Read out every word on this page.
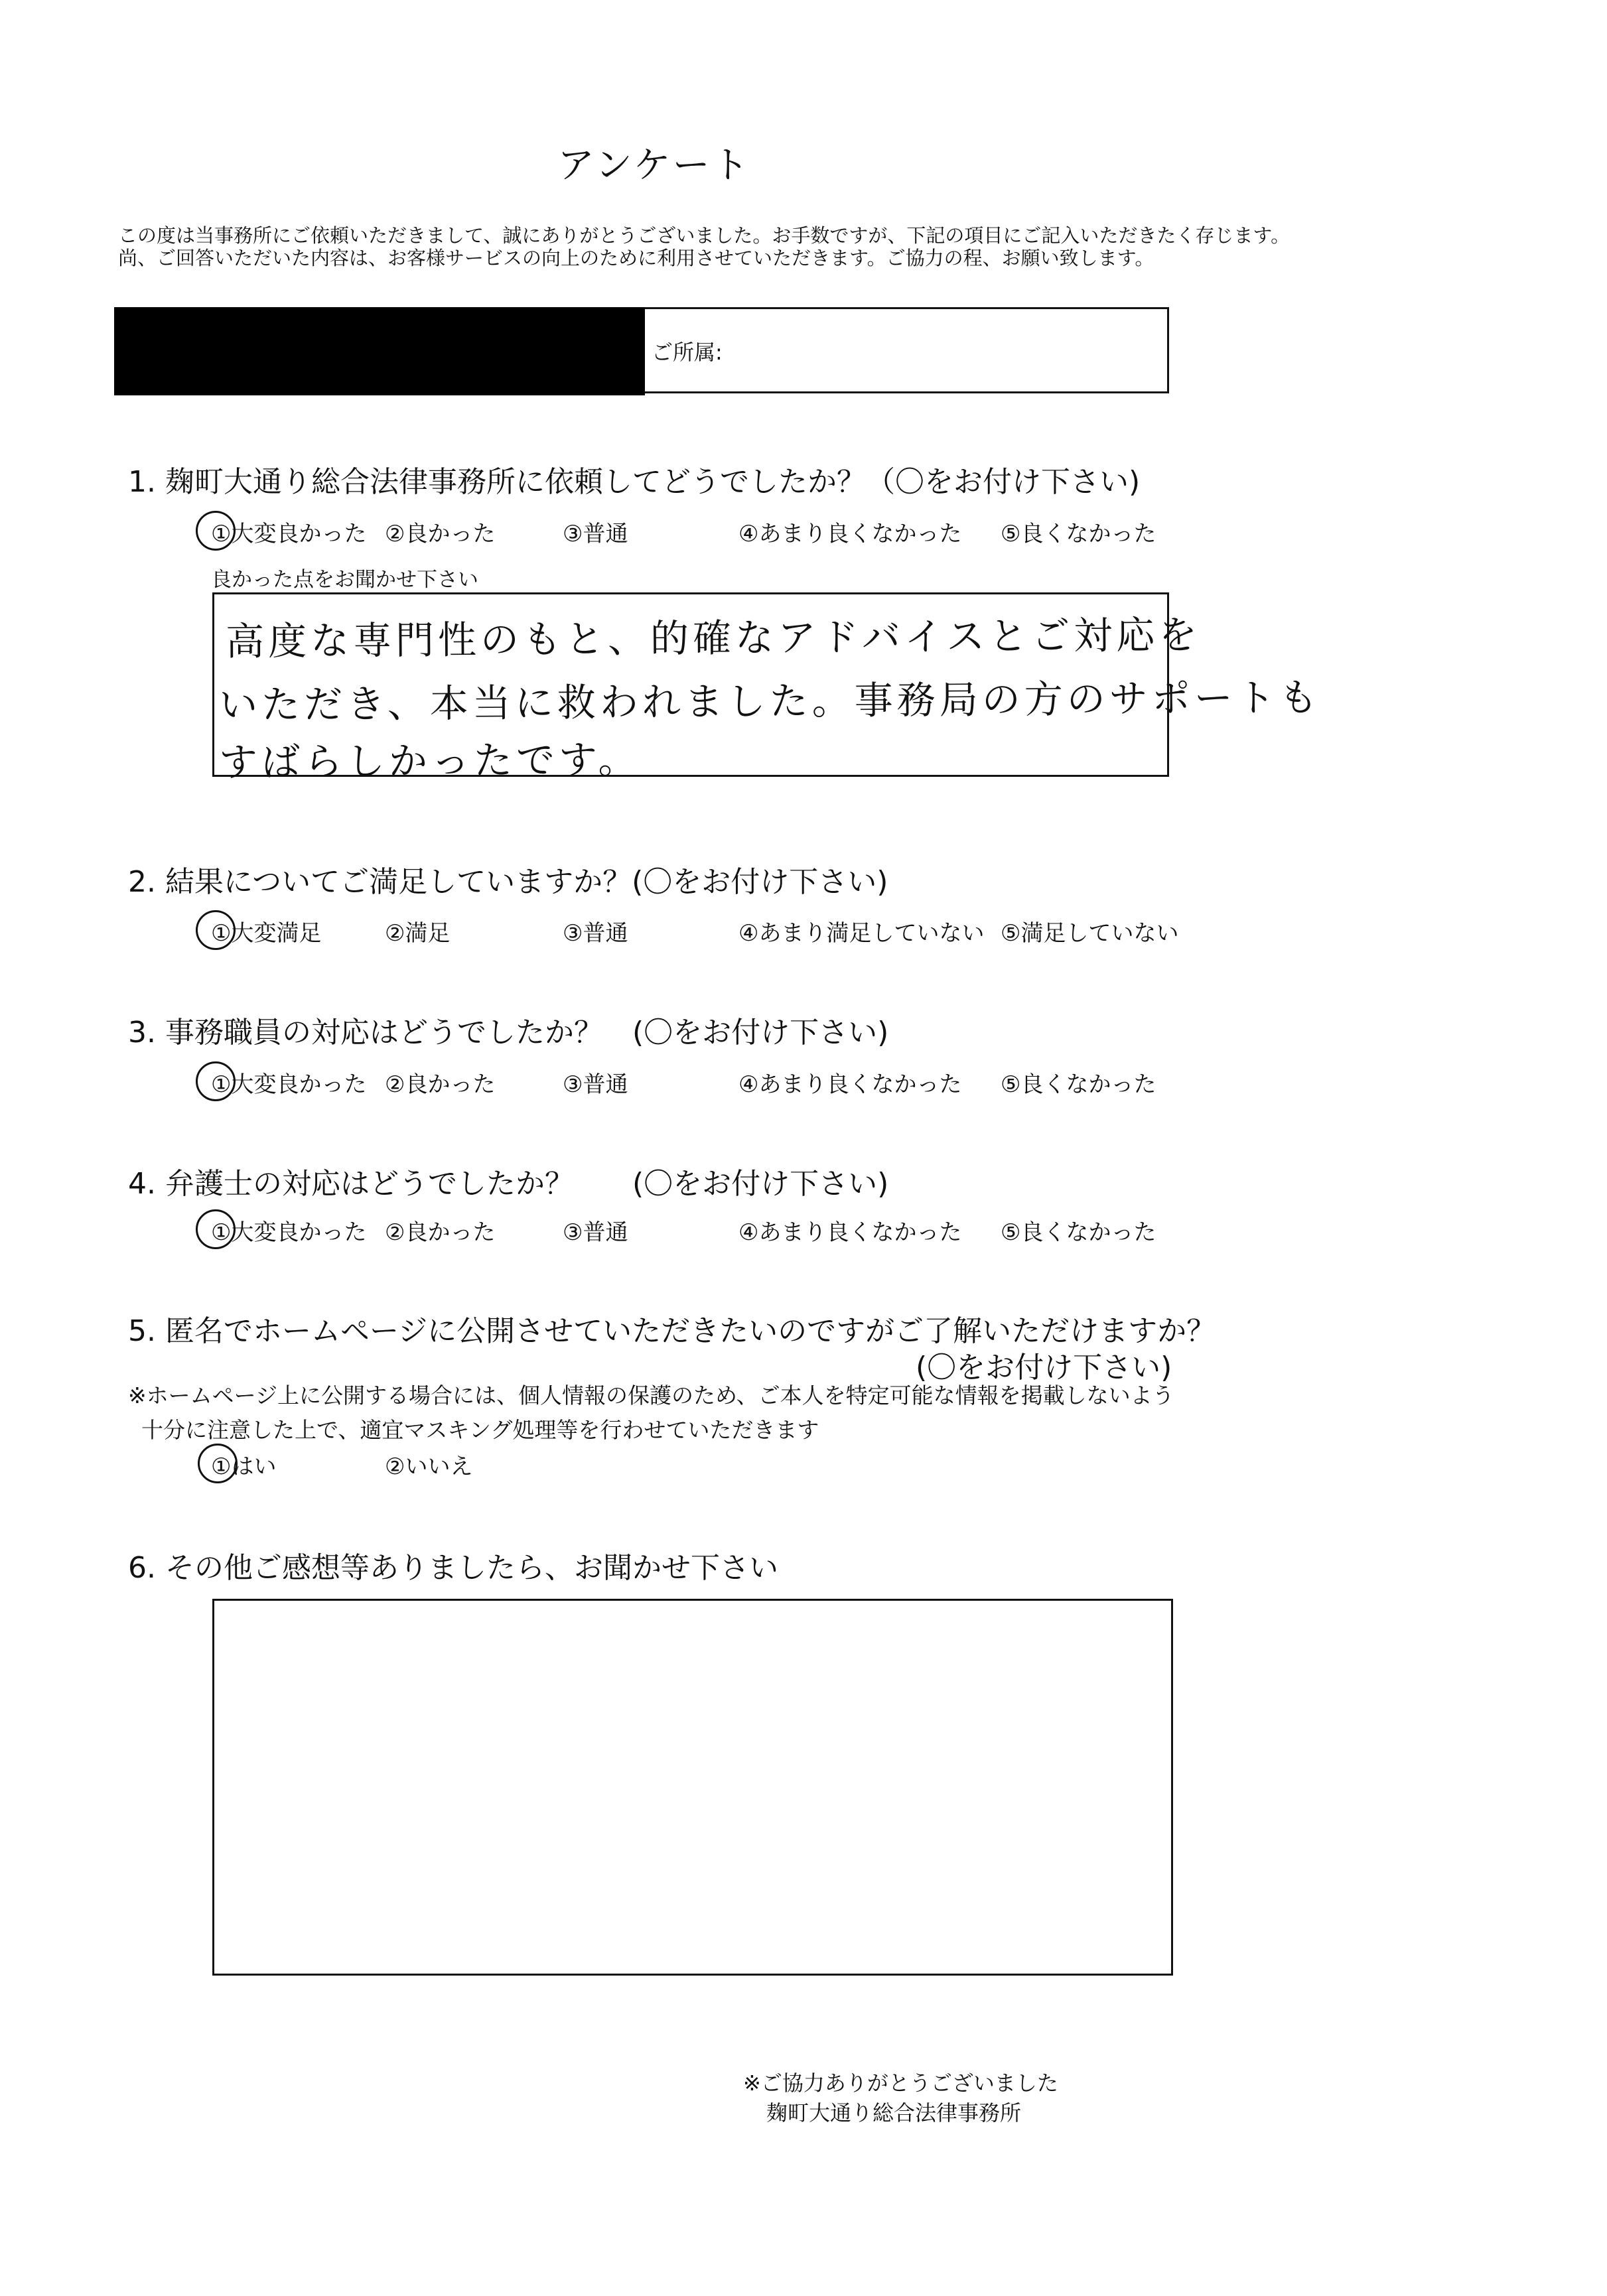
アンケート
この度は当事務所にご依頼いただきまして、誠にありがとうございました。お手数ですが、下記の項目にご記入いただきたく存じます。
尚、ご回答いただいた内容は、お客様サービスの向上のために利用させていただきます。ご協力の程、お願い致します。
ご所属:
1. 麹町大通り総合法律事務所に依頼してどうでしたか？（〇をお付け下さい)
①大変良かった ②良かった	③普通	④あまり良くなかった ⑤良くなかった
良かった点をお聞かせ下さい
高度な専門性のもと、的確なアドバイスとご対応を
いただき、本当に救われました。事務局の方のサポートも
すばらしかったです。
2. 結果についてご満足していますか？(〇をお付け下さい)
①大変満足	②満足	③普通	④あまり満足していない ⑤満足していない
3. 事務職員の対応はどうでしたか？　(〇をお付け下さい)
①大変良かった ②良かった	③普通	④あまり良くなかった ⑤良くなかった
4. 弁護士の対応はどうでしたか？　　(〇をお付け下さい)
①大変良かった ②良かった	③普通	④あまり良くなかった ⑤良くなかった
5. 匿名でホームページに公開させていただきたいのですがご了解いただけますか？
(〇をお付け下さい)
※ホームページ上に公開する場合には、個人情報の保護のため、ご本人を特定可能な情報を掲載しないよう
十分に注意した上で、適宜マスキング処理等を行わせていただきます
①はい	②いいえ
6. その他ご感想等ありましたら、お聞かせ下さい
※ご協力ありがとうございました
麹町大通り総合法律事務所
